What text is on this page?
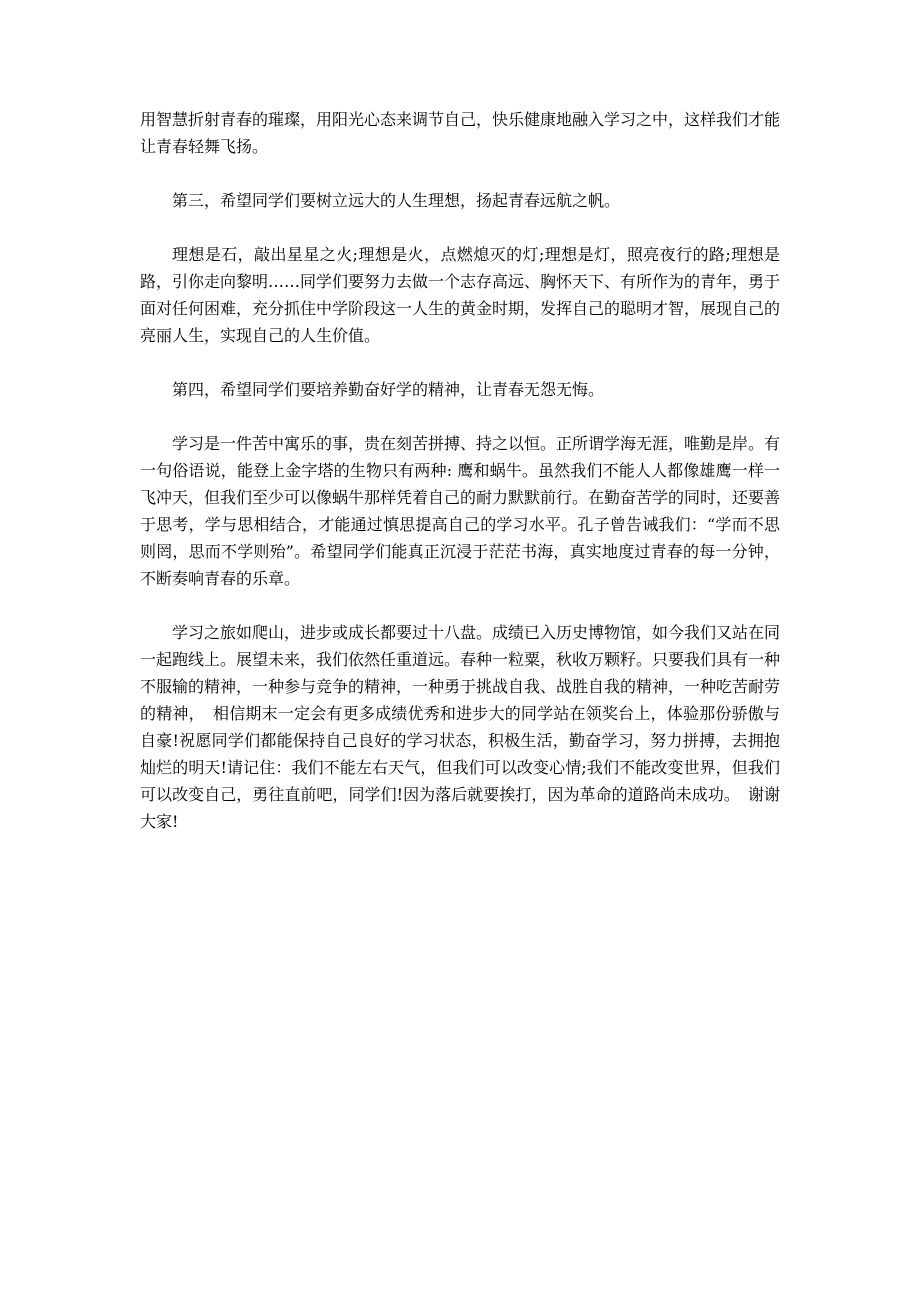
用智慧折射青春的璀璨，用阳光心态来调节自己，快乐健康地融入学习之中，这样我们才能让青春轻舞飞扬。

第三，希望同学们要树立远大的人生理想，扬起青春远航之帆。

理想是石，敲出星星之火;理想是火，点燃熄灭的灯;理想是灯，照亮夜行的路;理想是路，引你走向黎明……同学们要努力去做一个志存高远、胸怀天下、有所作为的青年，勇于面对任何困难，充分抓住中学阶段这一人生的黄金时期，发挥自己的聪明才智，展现自己的亮丽人生，实现自己的人生价值。

第四，希望同学们要培养勤奋好学的精神，让青春无怨无悔。

学习是一件苦中寓乐的事，贵在刻苦拼搏、持之以恒。正所谓学海无涯，唯勤是岸。有一句俗语说，能登上金字塔的生物只有两种: 鹰和蜗牛。虽然我们不能人人都像雄鹰一样一飞冲天，但我们至少可以像蜗牛那样凭着自己的耐力默默前行。在勤奋苦学的同时，还要善于思考，学与思相结合，才能通过慎思提高自己的学习水平。孔子曾告诫我们：“学而不思则罔，思而不学则殆”。希望同学们能真正沉浸于茫茫书海，真实地度过青春的每一分钟，不断奏响青春的乐章。

学习之旅如爬山，进步或成长都要过十八盘。成绩已入历史博物馆，如今我们又站在同一起跑线上。展望未来，我们依然任重道远。春种一粒粟，秋收万颗籽。只要我们具有一种不服输的精神，一种参与竞争的精神，一种勇于挑战自我、战胜自我的精神，一种吃苦耐劳的精神，　相信期末一定会有更多成绩优秀和进步大的同学站在领奖台上，体验那份骄傲与自豪!祝愿同学们都能保持自己良好的学习状态，积极生活，勤奋学习，努力拼搏，去拥抱灿烂的明天!请记住：我们不能左右天气，但我们可以改变心情;我们不能改变世界，但我们可以改变自己，勇往直前吧，同学们!因为落后就要挨打，因为革命的道路尚未成功。　谢谢大家!
